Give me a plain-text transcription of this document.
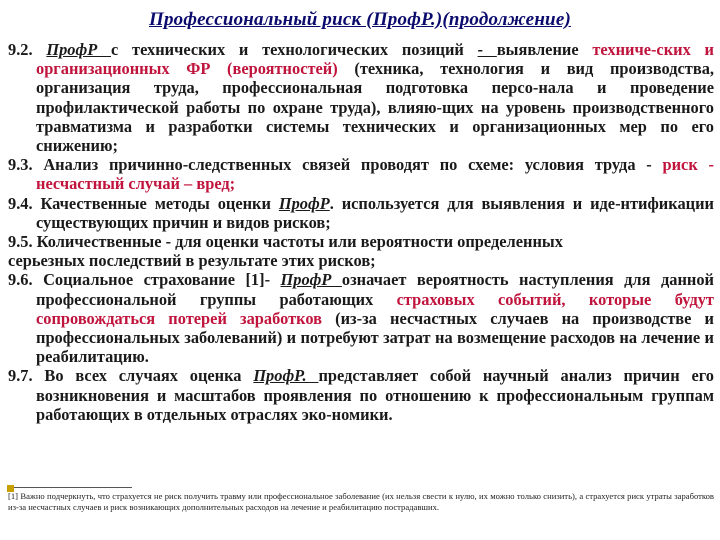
Профессиональный риск (ПрофР.)(продолжение)

9.2. ПрофР с технических и технологических позиций - выявление техниче-ских и организационных ФР (вероятностей) (техника, технология и вид производства, организация труда, профессиональная подготовка персо-нала и проведение профилактической работы по охране труда), влияю-щих на уровень производственного травматизма и разработки системы технических и организационных мер по его снижению;

9.3. Анализ причинно-следственных связей проводят по схеме: условия труда - риск - несчастный случай – вред;

9.4. Качественные методы оценки ПрофР. используется для выявления и иде-нтификации существующих причин и видов рисков;

9.5. Количественные - для оценки частоты или вероятности определенных

серьезных последствий в результате этих рисков;

9.6. Социальное страхование [1]- ПрофР означает вероятность наступления для данной профессиональной группы работающих страховых событий, которые будут сопровождаться потерей заработков (из-за несчастных случаев на производстве и профессиональных заболеваний) и потребуют затрат на возмещение расходов на лечение и реабилитацию.

9.7. Во всех случаях оценка ПрофР. представляет собой научный анализ причин его возникновения и масштабов проявления по отношению к профессиональным группам работающих в отдельных отраслях эко-номики.

[1] Важно подчеркнуть, что страхуется не риск получить травму или профессиональное заболевание (их нельзя свести к нулю, их можно только снизить), а страхуется риск утраты заработков из-за несчастных случаев и риск возникающих дополнительных расходов на лечение и реабилитацию пострадавших.
